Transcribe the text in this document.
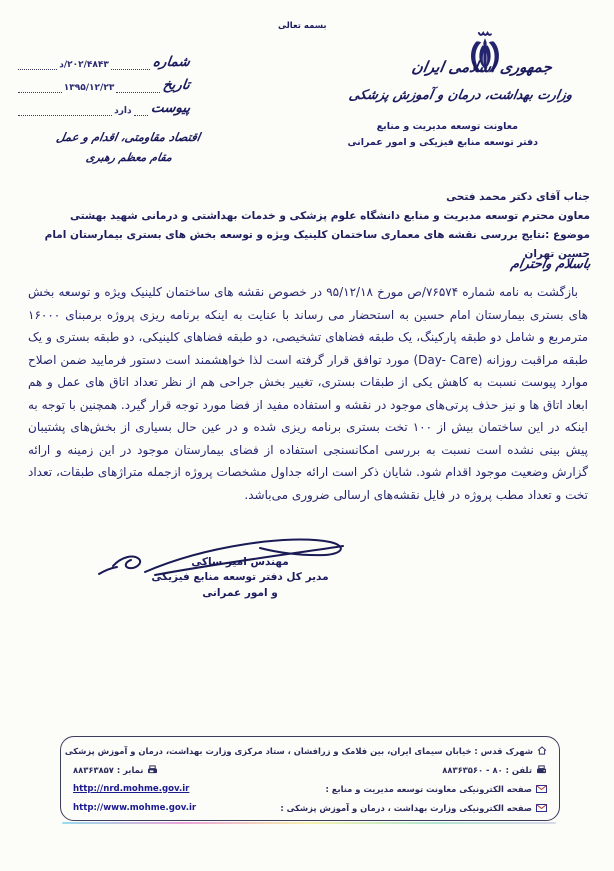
بسمه تعالی
جمهوری اسلامی ایران
وزارت بهداشت، درمان و آموزش پزشکی
معاونت توسعه مدیریت و منابع
دفتر توسعه منابع فیزیکی و امور عمرانی
شماره
د/۲۰۲/۴۸۴۳
تاریخ
۱۳۹۵/۱۲/۲۳
پیوست
دارد
اقتصاد مقاومتی، اقدام و عمل
مقام معظم رهبری
جناب آقای دکتر محمد فتحی
معاون محترم توسعه مدیریت و منابع دانشگاه علوم پزشکی و خدمات بهداشتی و درمانی شهید بهشتی
موضوع :نتایج بررسی نقشه های معماری ساختمان کلینیک ویژه و توسعه بخش های بستری بیمارستان امام حسین تهران
باسلام واحترام
بازگشت به نامه شماره ۷۶۵۷۴/ص مورخ ۹۵/۱۲/۱۸ در خصوص نقشه های ساختمان کلینیک ویژه و توسعه بخش های بستری بیمارستان امام حسین به استحضار می رساند با عنایت به اینکه برنامه ریزی پروژه برمبنای ۱۶۰۰۰ مترمربع و شامل دو طبقه پارکینگ، یک طبقه فضاهای تشخیصی، دو طبقه فضاهای کلینیکی، دو طبقه بستری و یک طبقه مراقبت روزانه (Day- Care) مورد توافق قرار گرفته است لذا خواهشمند است دستور فرمایید ضمن اصلاح موارد پیوست نسبت به کاهش یکی از طبقات بستری، تغییر بخش جراحی هم از نظر تعداد اتاق های عمل و هم ابعاد اتاق ها و نیز حذف پرتی‌های موجود در نقشه و استفاده مفید از فضا مورد توجه قرار گیرد. همچنین با توجه به اینکه در این ساختمان بیش از ۱۰۰ تخت بستری برنامه ریزی شده و در عین حال بسیاری از بخش‌های پشتیبان پیش بینی نشده است نسبت به بررسی امکانسنجی استفاده از فضای بیمارستان موجود در این زمینه و ارائه گزارش وضعیت موجود اقدام شود. شایان ذکر است ارائه جداول مشخصات پروژه ازجمله متراژهای طبقات، تعداد تخت و تعداد مطب پروژه در فایل نقشه‌های ارسالی ضروری می‌باشد.
مهندس امیر ساکی
مدیر کل دفتر توسعه منابع فیزیکی
و امور عمرانی
شهرک قدس : خیابان سیمای ایران، بین فلامک و زرافشان ، ستاد مرکزی وزارت بهداشت، درمان و آموزش پزشکی
تلفن : ۸۰ - ۸۸۳۶۳۵۶۰
نمابر : ۸۸۳۶۳۸۵۷
صفحه الکترونیکی معاونت توسعه مدیریت و منابع :
http://nrd.mohme.gov.ir
صفحه الکترونیکی وزارت بهداشت ، درمان و آموزش پزشکی :
http://www.mohme.gov.ir
